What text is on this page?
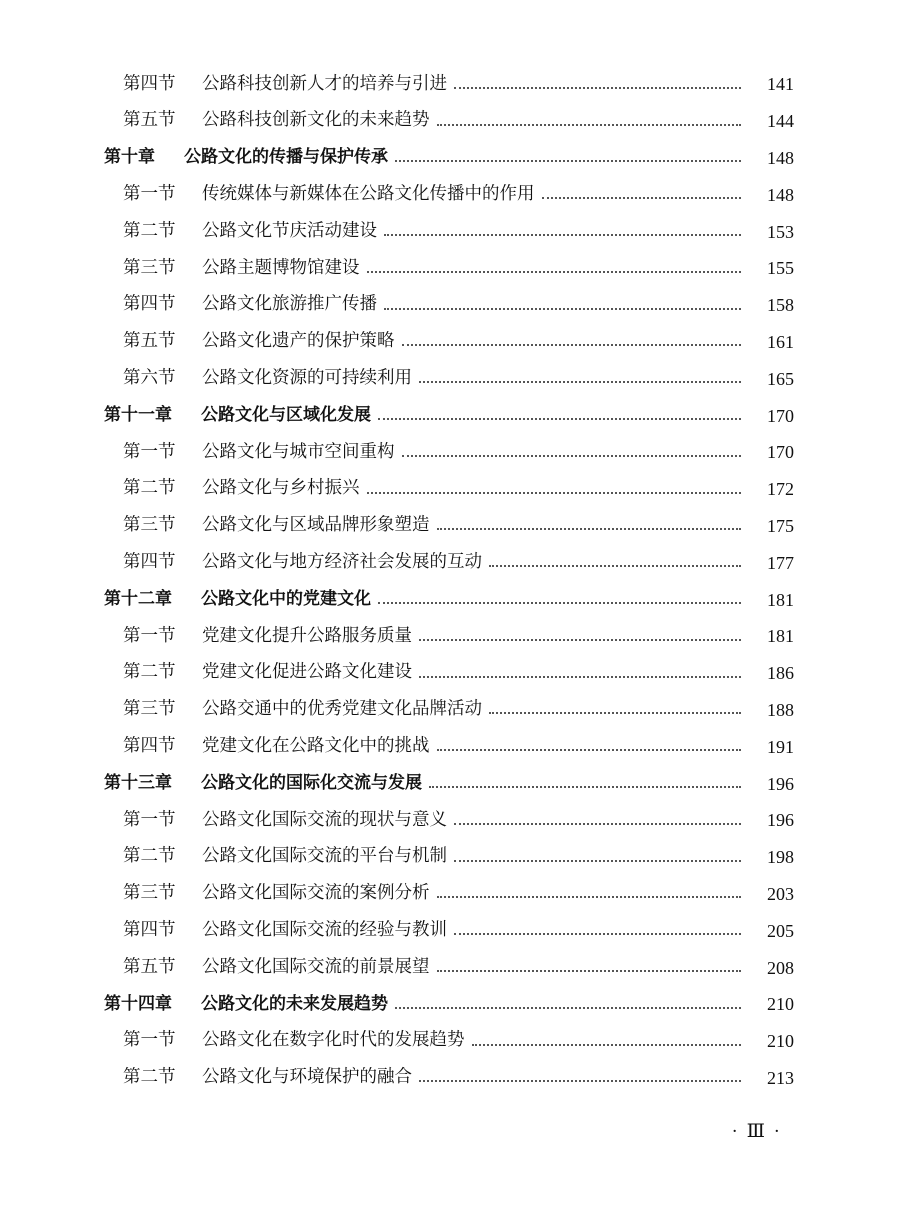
第四节	公路科技创新人才的培养与引进	141
第五节	公路科技创新文化的未来趋势	144
第十章	公路文化的传播与保护传承	148
第一节	传统媒体与新媒体在公路文化传播中的作用	148
第二节	公路文化节庆活动建设	153
第三节	公路主题博物馆建设	155
第四节	公路文化旅游推广传播	158
第五节	公路文化遗产的保护策略	161
第六节	公路文化资源的可持续利用	165
第十一章	公路文化与区域化发展	170
第一节	公路文化与城市空间重构	170
第二节	公路文化与乡村振兴	172
第三节	公路文化与区域品牌形象塑造	175
第四节	公路文化与地方经济社会发展的互动	177
第十二章	公路文化中的党建文化	181
第一节	党建文化提升公路服务质量	181
第二节	党建文化促进公路文化建设	186
第三节	公路交通中的优秀党建文化品牌活动	188
第四节	党建文化在公路文化中的挑战	191
第十三章	公路文化的国际化交流与发展	196
第一节	公路文化国际交流的现状与意义	196
第二节	公路文化国际交流的平台与机制	198
第三节	公路文化国际交流的案例分析	203
第四节	公路文化国际交流的经验与教训	205
第五节	公路文化国际交流的前景展望	208
第十四章	公路文化的未来发展趋势	210
第一节	公路文化在数字化时代的发展趋势	210
第二节	公路文化与环境保护的融合	213
· Ⅲ ·
